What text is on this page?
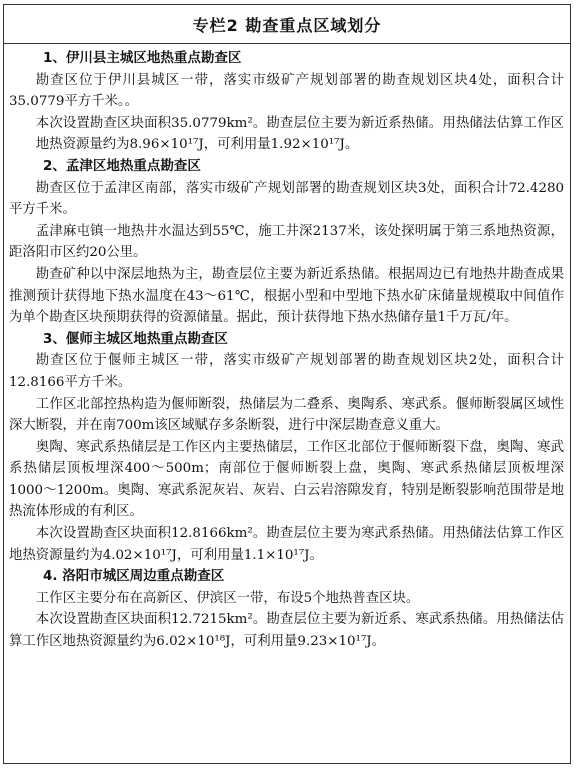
专栏2 勘查重点区域划分
1、伊川县主城区地热重点勘查区

勘查区位于伊川县城区一带，落实市级矿产规划部署的勘查规划区块4处，面积合计35.0779平方千米。。

本次设置勘查区块面积35.0779km²。勘查层位主要为新近系热储。用热储法估算工作区地热资源量约为8.96×10¹⁷J，可利用量1.92×10¹⁷J。

2、孟津区地热重点勘查区

勘查区位于孟津区南部，落实市级矿产规划部署的勘查规划区块3处，面积合计72.4280平方千米。

孟津麻屯镇一地热井水温达到55℃，施工井深2137米，该处探明属于第三系地热资源，距洛阳市区约20公里。

勘查矿种以中深层地热为主，勘查层位主要为新近系热储。根据周边已有地热井勘查成果推测预计获得地下热水温度在43～61℃，根据小型和中型地下热水矿床储量规模取中间值作为单个勘查区块预期获得的资源储量。据此，预计获得地下热水热储存量1千万瓦/年。

3、偃师主城区地热重点勘查区

勘查区位于偃师主城区一带，落实市级矿产规划部署的勘查规划区块2处，面积合计12.8166平方千米。

工作区北部控热构造为偃师断裂，热储层为二叠系、奥陶系、寒武系。偃师断裂属区域性深大断裂，并在南700m该区域赋存多条断裂，进行中深层勘查意义重大。

奥陶、寒武系热储层是工作区内主要热储层，工作区北部位于偃师断裂下盘，奥陶、寒武系热储层顶板埋深400～500m；南部位于偃师断裂上盘，奥陶、寒武系热储层顶板埋深 1000～1200m。奥陶、寒武系泥灰岩、灰岩、白云岩溶隙发育，特别是断裂影响范围带是地热流体形成的有利区。

本次设置勘查区块面积12.8166km²。勘查层位主要为寒武系热储。用热储法估算工作区地热资源量约为4.02×10¹⁷J，可利用量1.1×10¹⁷J。

4. 洛阳市城区周边重点勘查区

工作区主要分布在高新区、伊滨区一带，布设5个地热普查区块。

本次设置勘查区块面积12.7215km²。勘查层位主要为新近系、寒武系热储。用热储法估算工作区地热资源量约为6.02×10¹⁸J，可利用量9.23×10¹⁷J。
